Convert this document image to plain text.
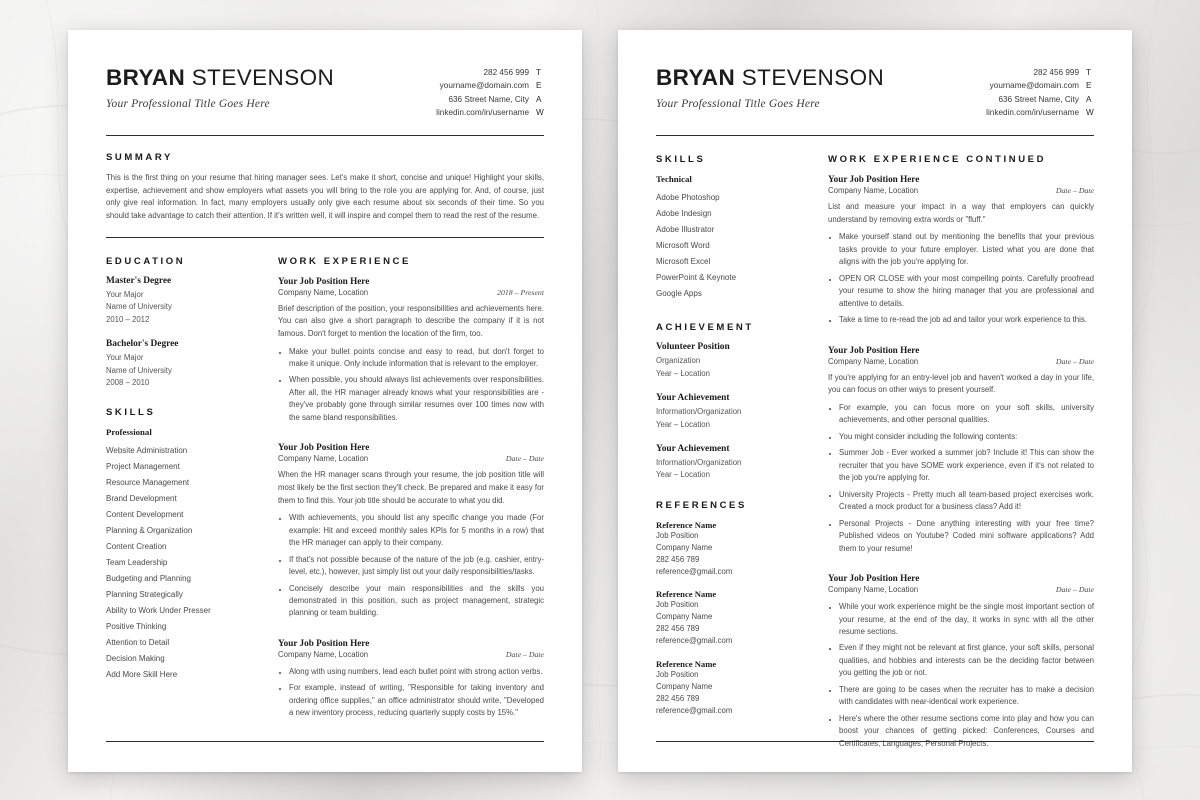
BRYAN STEVENSON
Your Professional Title Goes Here
282 456 999 T
yourname@domain.com E
636 Street Name, City A
linkedin.com/in/username W
SUMMARY
This is the first thing on your resume that hiring manager sees. Let's make it short, concise and unique! Highlight your skills, expertise, achievement and show employers what assets you will bring to the role you are applying for. And, of course, just only give real information. In fact, many employers usually only give each resume about six seconds of their time. So you should take advantage to catch their attention. If it's written well, it will inspire and compel them to read the rest of the resume.
EDUCATION
Master's Degree
Your Major
Name of University
2010 – 2012
Bachelor's Degree
Your Major
Name of University
2008 – 2010
SKILLS
Professional
Website Administration
Project Management
Resource Management
Brand Development
Content Development
Planning & Organization
Content Creation
Team Leadership
Budgeting and Planning
Planning Strategically
Ability to Work Under Presser
Positive Thinking
Attention to Detail
Decision Making
Add More Skill Here
WORK EXPERIENCE
Your Job Position Here
Company Name, Location	2018 – Present
Brief description of the position, your responsibilities and achievements here. You can also give a short paragraph to describe the company if it is not famous. Don't forget to mention the location of the firm, too.
• Make your bullet points concise and easy to read, but don't forget to make it unique. Only include information that is relevant to the employer.
• When possible, you should always list achievements over responsibilities. After all, the HR manager already knows what your responsibilities are - they've probably gone through similar resumes over 100 times now with the same bland responsibilities.
Your Job Position Here
Company Name, Location	Date – Date
When the HR manager scans through your resume, the job position title will most likely be the first section they'll check. Be prepared and make it easy for them to find this. Your job title should be accurate to what you did.
• With achievements, you should list any specific change you made (For example: Hit and exceed monthly sales KPIs for 5 months in a row) that the HR manager can apply to their company.
• If that's not possible because of the nature of the job (e.g. cashier, entry-level, etc.), however, just simply list out your daily responsibilities/tasks.
• Concisely describe your main responsibilities and the skills you demonstrated in this position, such as project management, strategic planning or team building.
Your Job Position Here
Company Name, Location	Date – Date
• Along with using numbers, lead each bullet point with strong action verbs.
• For example, instead of writing, "Responsible for taking inventory and ordering office supplies," an office administrator should write, "Developed a new inventory process, reducing quarterly supply costs by 15%."
BRYAN STEVENSON
Your Professional Title Goes Here
282 456 999 T
yourname@domain.com E
636 Street Name, City A
linkedin.com/in/username W
SKILLS
Technical
Adobe Photoshop
Adobe Indesign
Adobe Illustrator
Microsoft Word
Microsoft Excel
PowerPoint & Keynote
Google Apps
ACHIEVEMENT
Volunteer Position
Organization
Year – Location
Your Achievement
Information/Organization
Year – Location
Your Achievement
Information/Organization
Year – Location
REFERENCES
Reference Name
Job Position
Company Name
282 456 789
reference@gmail.com
Reference Name
Job Position
Company Name
282 456 789
reference@gmail.com
Reference Name
Job Position
Company Name
282 456 789
reference@gmail.com
WORK EXPERIENCE CONTINUED
Your Job Position Here
Company Name, Location	Date – Date
List and measure your impact in a way that employers can quickly understand by removing extra words or "fluff."
• Make yourself stand out by mentioning the benefits that your previous tasks provide to your future employer. Listed what you are done that aligns with the job you're applying for.
• OPEN OR CLOSE with your most compelling points. Carefully proofread your resume to show the hiring manager that you are professional and attentive to details.
• Take a time to re-read the job ad and tailor your work experience to this.
Your Job Position Here
Company Name, Location	Date – Date
If you're applying for an entry-level job and haven't worked a day in your life, you can focus on other ways to present yourself.
• For example, you can focus more on your soft skills, university achievements, and other personal qualities.
• You might consider including the following contents:
• Summer Job - Ever worked a summer job? Include it! This can show the recruiter that you have SOME work experience, even if it's not related to the job you're applying for.
• University Projects - Pretty much all team-based project exercises work. Created a mock product for a business class? Add it!
• Personal Projects - Done anything interesting with your free time? Published videos on Youtube? Coded mini software applications? Add them to your resume!
Your Job Position Here
Company Name, Location	Date – Date
• While your work experience might be the single most important section of your resume, at the end of the day, it works in sync with all the other resume sections.
• Even if they might not be relevant at first glance, your soft skills, personal qualities, and hobbies and interests can be the deciding factor between you getting the job or not.
• There are going to be cases when the recruiter has to make a decision with candidates with near-identical work experience.
• Here's where the other resume sections come into play and how you can boost your chances of getting picked: Conferences, Courses and Certificates, Languages, Personal Projects.
